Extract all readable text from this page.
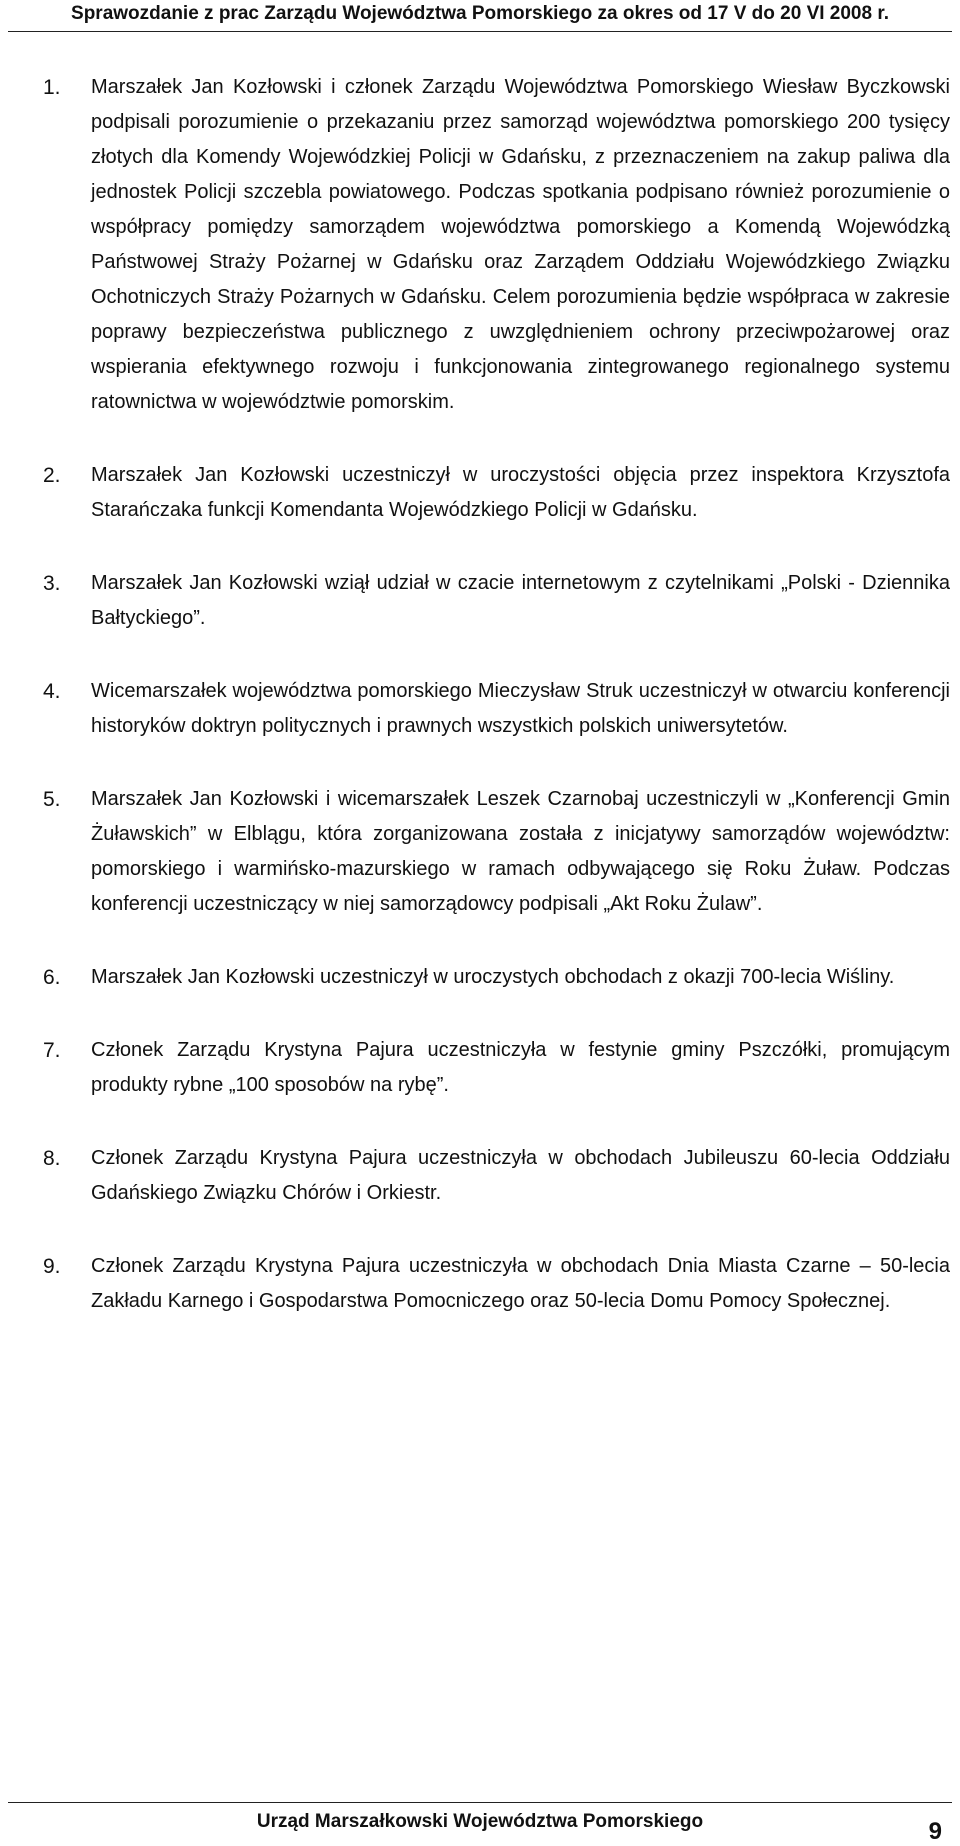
Sprawozdanie z prac Zarządu Województwa Pomorskiego za okres od 17 V do 20 VI 2008 r.
1. Marszałek Jan Kozłowski i członek Zarządu Województwa Pomorskiego Wiesław Byczkowski podpisali porozumienie o przekazaniu przez samorząd województwa pomorskiego 200 tysięcy złotych dla Komendy Wojewódzkiej Policji w Gdańsku, z przeznaczeniem na zakup paliwa dla jednostek Policji szczebla powiatowego. Podczas spotkania podpisano również porozumienie o współpracy pomiędzy samorządem województwa pomorskiego a Komendą Wojewódzką Państwowej Straży Pożarnej w Gdańsku oraz Zarządem Oddziału Wojewódzkiego Związku Ochotniczych Straży Pożarnych w Gdańsku. Celem porozumienia będzie współpraca w zakresie poprawy bezpieczeństwa publicznego z uwzględnieniem ochrony przeciwpożarowej oraz wspierania efektywnego rozwoju i funkcjonowania zintegrowanego regionalnego systemu ratownictwa w województwie pomorskim.

2. Marszałek Jan Kozłowski uczestniczył w uroczystości objęcia przez inspektora Krzysztofa Starańczaka funkcji Komendanta Wojewódzkiego Policji w Gdańsku.

3. Marszałek Jan Kozłowski wziął udział w czacie internetowym z czytelnikami „Polski - Dziennika Bałtyckiego”.

4. Wicemarszałek województwa pomorskiego Mieczysław Struk uczestniczył w otwarciu konferencji historyków doktryn politycznych i prawnych wszystkich polskich uniwersytetów.

5. Marszałek Jan Kozłowski i wicemarszałek Leszek Czarnobaj uczestniczyli w „Konferencji Gmin Żuławskich” w Elblągu, która zorganizowana została z inicjatywy samorządów województw: pomorskiego i warmińsko-mazurskiego w ramach odbywającego się Roku Żuław. Podczas konferencji uczestniczący w niej samorządowcy podpisali „Akt Roku Żulaw”.

6. Marszałek Jan Kozłowski uczestniczył w uroczystych obchodach z okazji 700-lecia Wiśliny.

7. Członek Zarządu Krystyna Pajura uczestniczyła w festynie gminy Pszczółki, promującym produkty rybne „100 sposobów na rybę”.

8. Członek Zarządu Krystyna Pajura uczestniczyła w obchodach Jubileuszu 60-lecia Oddziału Gdańskiego Związku Chórów i Orkiestr.

9. Członek Zarządu Krystyna Pajura uczestniczyła w obchodach Dnia Miasta Czarne – 50-lecia Zakładu Karnego i Gospodarstwa Pomocniczego oraz 50-lecia Domu Pomocy Społecznej.

Urząd Marszałkowski Województwa Pomorskiego	9
